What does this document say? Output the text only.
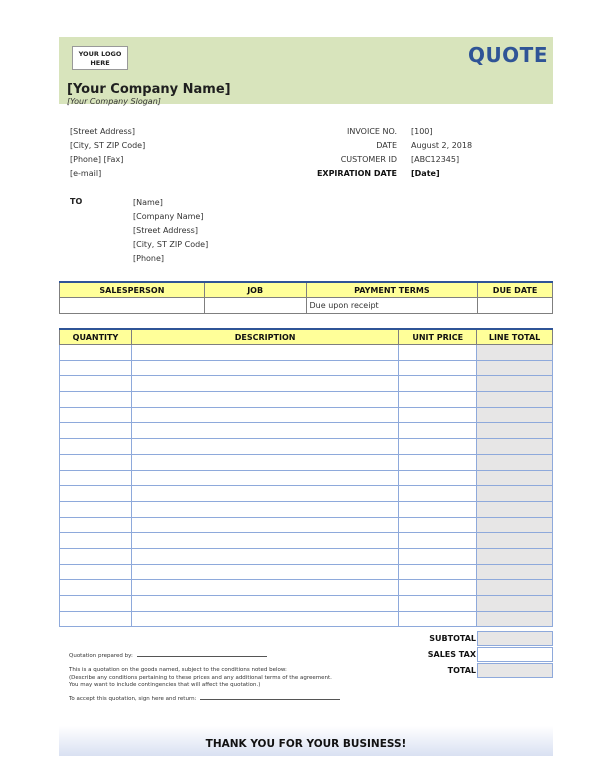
YOUR LOGO
HERE	QUOTE
[Your Company Name]
[Your Company Slogan]
[Street Address]
[City, ST ZIP Code]
[Phone] [Fax]
[e-mail]
INVOICE NO. [100]
DATE August 2, 2018
CUSTOMER ID [ABC12345]
EXPIRATION DATE [Date]
TO	[Name]
[Company Name]
[Street Address]
[City, ST ZIP Code]
[Phone]
SALESPERSON	JOB	PAYMENT TERMS	DUE DATE
		Due upon receipt	
QUANTITY	DESCRIPTION	UNIT PRICE	LINE TOTAL

SUBTOTAL
SALES TAX
TOTAL
Quotation prepared by:
This is a quotation on the goods named, subject to the conditions noted below:
(Describe any conditions pertaining to these prices and any additional terms of the agreement.
You may want to include contingencies that will affect the quotation.)
To accept this quotation, sign here and return:
THANK YOU FOR YOUR BUSINESS!
